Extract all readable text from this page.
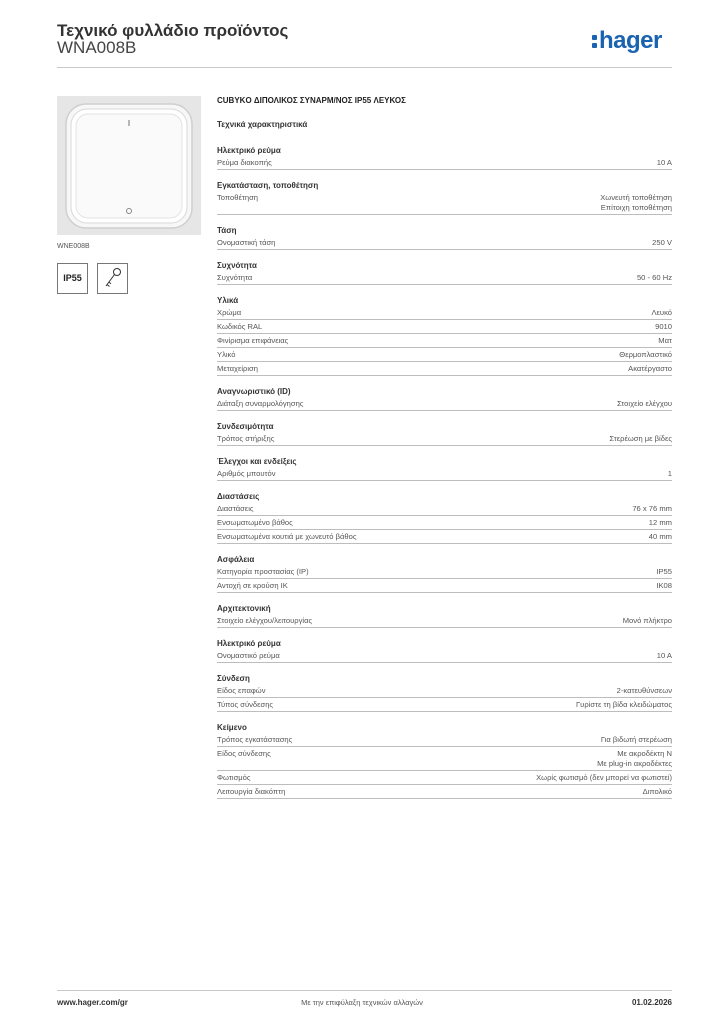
Τεχνικό φυλλάδιο προϊόντος
WNA008B	hager
WNE008B
IP55
CUBYKO ΔΙΠΟΛΙΚΟΣ ΣΥΝΑΡΜ/ΝΟΣ IP55 ΛΕΥΚΟΣ
Τεχνικά χαρακτηριστικά
Ηλεκτρικό ρεύμα
Ρεύμα διακοπής	10 A
Εγκατάσταση, τοποθέτηση
Τοποθέτηση	Χωνευτή τοποθέτηση
Επίτοιχη τοποθέτηση
Τάση
Ονομαστική τάση	250 V
Συχνότητα
Συχνότητα	50 - 60 Hz
Υλικά
Χρώμα	Λευκό
Κωδικός RAL	9010
Φινίρισμα επιφάνειας	Ματ
Υλικό	Θερμοπλαστικό
Μεταχείριση	Ακατέργαστο
Αναγνωριστικό (ID)
Διάταξη συναρμολόγησης	Στοιχείο ελέγχου
Συνδεσιμότητα
Τρόπος στήριξης	Στερέωση με βίδες
Έλεγχοι και ενδείξεις
Αριθμός μπουτόν	1
Διαστάσεις
Διαστάσεις	76 x 76 mm
Ενσωματωμένο βάθος	12 mm
Ενσωματωμένα κουτιά με χωνευτό βάθος	40 mm
Ασφάλεια
Κατηγορία προστασίας (IP)	IP55
Αντοχή σε κρούση IK	IK08
Αρχιτεκτονική
Στοιχείο ελέγχου/λειτουργίας	Μονό πλήκτρο
Ηλεκτρικό ρεύμα
Ονομαστικό ρεύμα	10 A
Σύνδεση
Είδος επαφών	2-κατευθύνσεων
Τύπος σύνδεσης	Γυρίστε τη βίδα κλειδώματος
Κείμενο
Τρόπος εγκατάστασης	Για βιδωτή στερέωση
Είδος σύνδεσης	Με ακροδέκτη N
Με plug-in ακροδέκτες
Φωτισμός	Χωρίς φωτισμό (δεν μπορεί να φωτιστεί)
Λειτουργία διακόπτη	Διπολικό
www.hager.com/gr	Με την επιφύλαξη τεχνικών αλλαγών	01.02.2026
